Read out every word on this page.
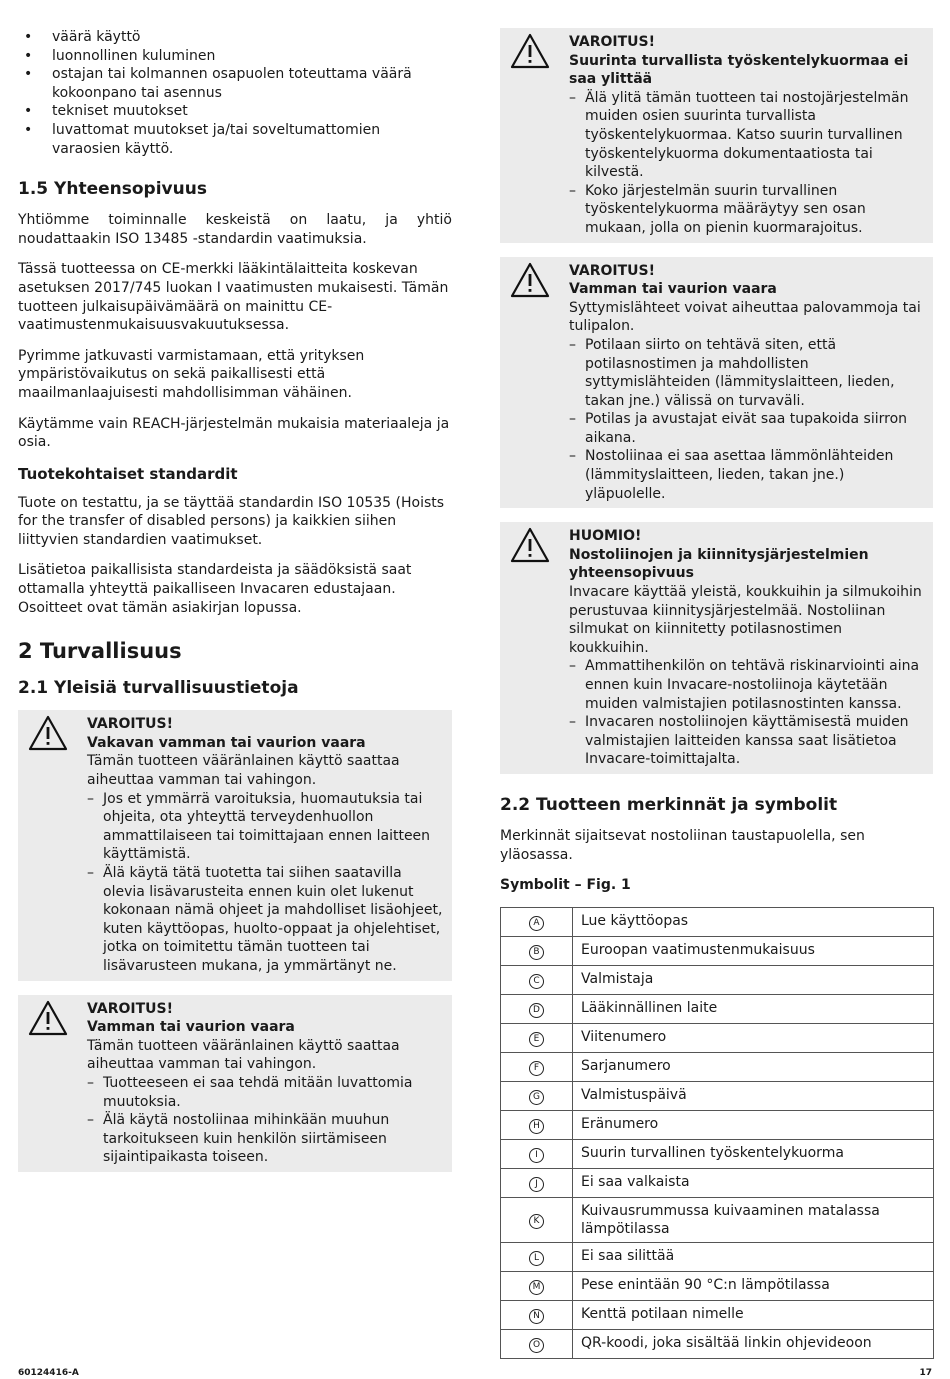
• väärä käyttö
• luonnollinen kuluminen
• ostajan tai kolmannen osapuolen toteuttama väärä kokoonpano tai asennus
• tekniset muutokset
• luvattomat muutokset ja/tai soveltumattomien varaosien käyttö.
1.5 Yhteensopivuus

Yhtiömme toiminnalle keskeistä on laatu, ja yhtiö noudattaakin ISO 13485 -standardin vaatimuksia.

Tässä tuotteessa on CE-merkki lääkintälaitteita koskevan asetuksen 2017/745 luokan I vaatimusten mukaisesti. Tämän tuotteen julkaisupäivämäärä on mainittu CE-vaatimustenmukaisuusvakuutuksessa.

Pyrimme jatkuvasti varmistamaan, että yrityksen ympäristövaikutus on sekä paikallisesti että maailmanlaajuisesti mahdollisimman vähäinen.

Käytämme vain REACH-järjestelmän mukaisia materiaaleja ja osia.

Tuotekohtaiset standardit

Tuote on testattu, ja se täyttää standardin ISO 10535 (Hoists for the transfer of disabled persons) ja kaikkien siihen liittyvien standardien vaatimukset.

Lisätietoa paikallisista standardeista ja säädöksistä saat ottamalla yhteyttä paikalliseen Invacaren edustajaan. Osoitteet ovat tämän asiakirjan lopussa.

2 Turvallisuus
2.1 Yleisiä turvallisuustietoja
VAROITUS!
Vakavan vamman tai vaurion vaara

Tämän tuotteen vääränlainen käyttö saattaa aiheuttaa vamman tai vahingon.

– Jos et ymmärrä varoituksia, huomautuksia tai ohjeita, ota yhteyttä terveydenhuollon ammattilaiseen tai toimittajaan ennen laitteen käyttämistä.
– Älä käytä tätä tuotetta tai siihen saatavilla olevia lisävarusteita ennen kuin olet lukenut kokonaan nämä ohjeet ja mahdolliset lisäohjeet, kuten käyttöopas, huolto-oppaat ja ohjelehtiset, jotka on toimitettu tämän tuotteen tai lisävarusteen mukana, ja ymmärtänyt ne.
VAROITUS!
Vamman tai vaurion vaara

Tämän tuotteen vääränlainen käyttö saattaa aiheuttaa vamman tai vahingon.

– Tuotteeseen ei saa tehdä mitään luvattomia muutoksia.
– Älä käytä nostoliinaa mihinkään muuhun tarkoitukseen kuin henkilön siirtämiseen sijaintipaikasta toiseen.
VAROITUS!
Suurinta turvallista työskentelykuormaa ei saa ylittää
– Älä ylitä tämän tuotteen tai nostojärjestelmän muiden osien suurinta turvallista työskentelykuormaa. Katso suurin turvallinen työskentelykuorma dokumentaatiosta tai kilvestä.
– Koko järjestelmän suurin turvallinen työskentelykuorma määräytyy sen osan mukaan, jolla on pienin kuormarajoitus.
VAROITUS!
Vamman tai vaurion vaara

Syttymislähteet voivat aiheuttaa palovammoja tai tulipalon.

– Potilaan siirto on tehtävä siten, että potilasnostimen ja mahdollisten syttymislähteiden (lämmityslaitteen, lieden, takan jne.) välissä on turvaväli.
– Potilas ja avustajat eivät saa tupakoida siirron aikana.
– Nostoliinaa ei saa asettaa lämmönlähteiden (lämmityslaitteen, lieden, takan jne.) yläpuolelle.
HUOMIO!
Nostoliinojen ja kiinnitysjärjestelmien yhteensopivuus

Invacare käyttää yleistä, koukkuihin ja silmukoihin perustuvaa kiinnitysjärjestelmää. Nostoliinan silmukat on kiinnitetty potilasnostimen koukkuihin.

– Ammattihenkilön on tehtävä riskinarviointi aina ennen kuin Invacare-nostoliinoja käytetään muiden valmistajien potilasnostinten kanssa.
– Invacaren nostoliinojen käyttämisestä muiden valmistajien laitteiden kanssa saat lisätietoa Invacare-toimittajalta.
2.2 Tuotteen merkinnät ja symbolit

Merkinnät sijaitsevat nostoliinan taustapuolella, sen yläosassa.

Symbolit – Fig. 1

A	Lue käyttöopas
B	Euroopan vaatimustenmukaisuus
C	Valmistaja
D	Lääkinnällinen laite
E	Viitenumero
F	Sarjanumero
G	Valmistuspäivä
H	Eränumero
I	Suurin turvallinen työskentelykuorma
J	Ei saa valkaista
K	Kuivausrummussa kuivaaminen matalassa lämpötilassa
L	Ei saa silittää
M	Pese enintään 90 °C:n lämpötilassa
N	Kenttä potilaan nimelle
O	QR-koodi, joka sisältää linkin ohjevideoon
60124416-A	17
